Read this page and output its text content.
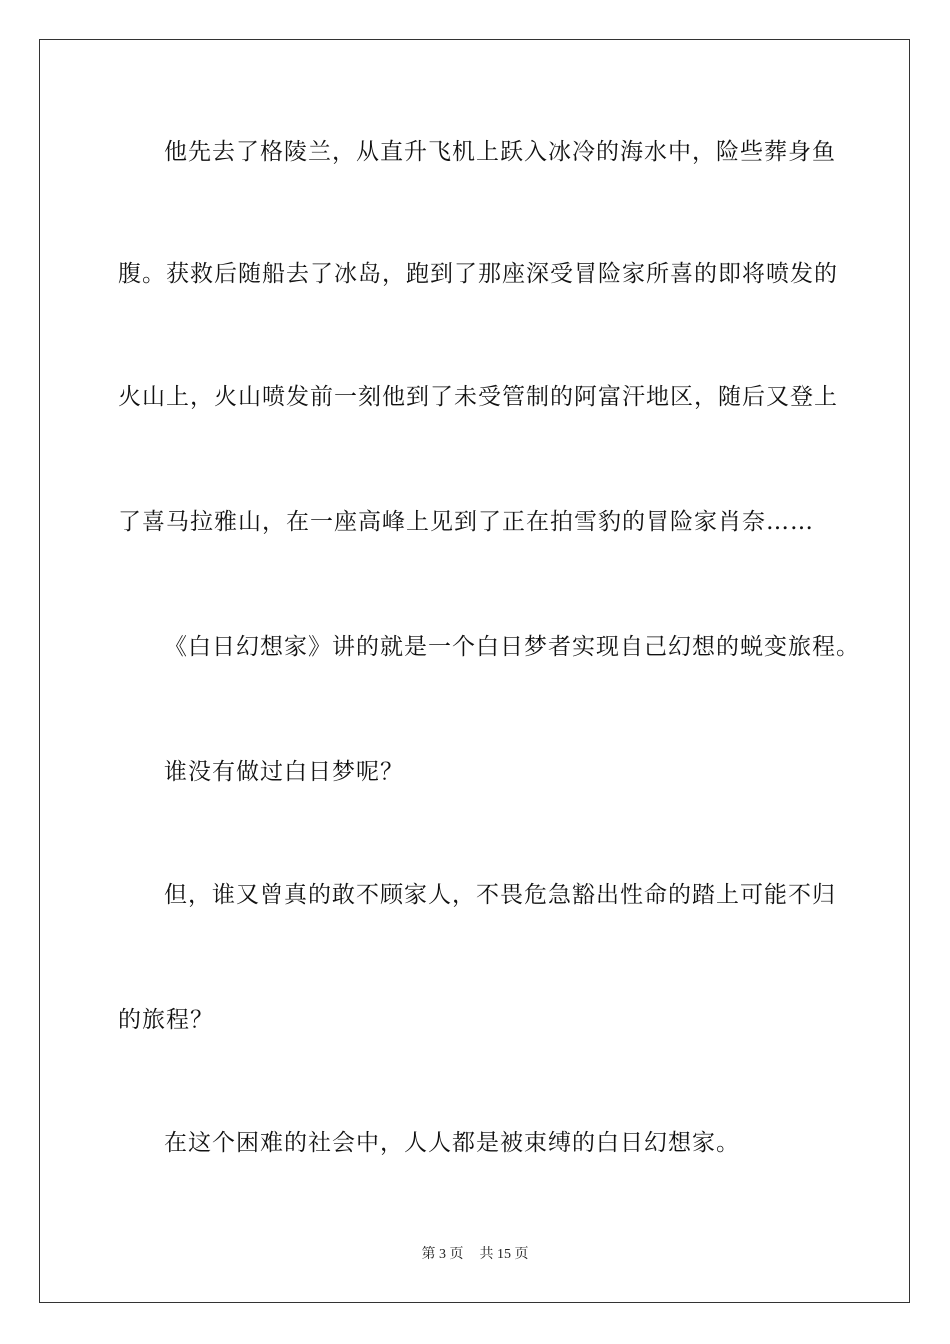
他先去了格陵兰，从直升飞机上跃入冰冷的海水中，险些葬身鱼
腹。获救后随船去了冰岛，跑到了那座深受冒险家所喜的即将喷发的
火山上，火山喷发前一刻他到了未受管制的阿富汗地区，随后又登上
了喜马拉雅山，在一座高峰上见到了正在拍雪豹的冒险家肖奈……
《白日幻想家》讲的就是一个白日梦者实现自己幻想的蜕变旅程。
谁没有做过白日梦呢？
但，谁又曾真的敢不顾家人，不畏危急豁出性命的踏上可能不归
的旅程？
在这个困难的社会中，人人都是被束缚的白日幻想家。
第 3 页 共 15 页
